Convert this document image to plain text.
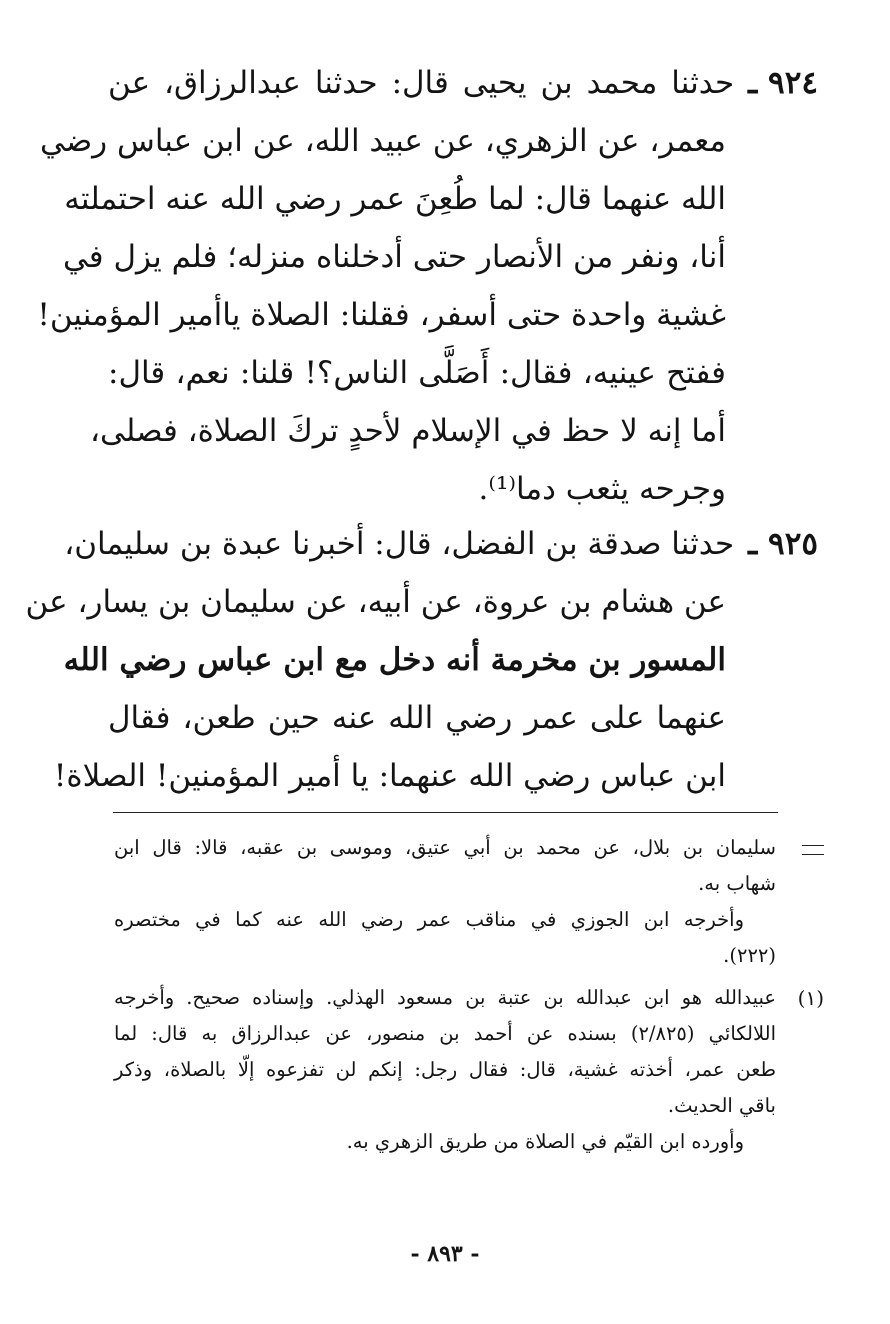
٩٢٤ ـ
حدثنا محمد بن يحيى قال: حدثنا عبدالرزاق، عن
معمر، عن الزهري، عن عبيد الله، عن ابن عباس رضي
الله عنهما قال: لما طُعِنَ عمر رضي الله عنه احتملته
أنا، ونفر من الأنصار حتى أدخلناه منزله؛ فلم يزل في
غشية واحدة حتى أسفر، فقلنا: الصلاة ياأمير المؤمنين!
ففتح عينيه، فقال: أَصَلَّى الناس؟! قلنا: نعم، قال:
أما إنه لا حظ في الإسلام لأحدٍ تركَ الصلاة، فصلى،
وجرحه يثعب دما⁽¹⁾.
٩٢٥ ـ
حدثنا صدقة بن الفضل، قال: أخبرنا عبدة بن سليمان،
عن هشام بن عروة، عن أبيه، عن سليمان بن يسار، عن
المسور بن مخرمة أنه دخل مع ابن عباس رضي الله
عنهما على عمر رضي الله عنه حين طعن، فقال
ابن عباس رضي الله عنهما: يا أمير المؤمنين! الصلاة!
سليمان بن بلال، عن محمد بن أبي عتيق، وموسى بن عقبه، قالا: قال ابن
شهاب به.
وأخرجه ابن الجوزي في مناقب عمر رضي الله عنه كما في مختصره
(٢٢٢).
(١)
عبيدالله هو ابن عبدالله بن عتبة بن مسعود الهذلي. وإسناده صحيح. وأخرجه
اللالكائي (٢/٨٢٥) بسنده عن أحمد بن منصور، عن عبدالرزاق به قال: لما
طعن عمر، أخذته غشية، قال: فقال رجل: إنكم لن تفزعوه إلّا بالصلاة، وذكر
باقي الحديث.
وأورده ابن القيّم في الصلاة من طريق الزهري به.
- ٨٩٣ -
